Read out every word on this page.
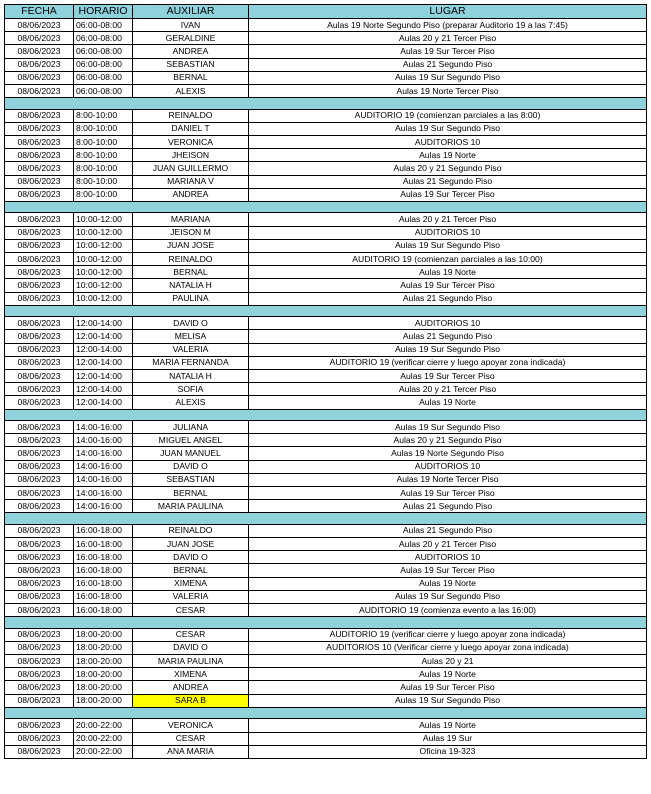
FECHA	HORARIO	AUXILIAR	LUGAR
08/06/2023	06:00-08:00	IVAN	Aulas 19 Norte Segundo Piso (preparar Auditorio 19 a las 7:45)
08/06/2023	06:00-08:00	GERALDINE	Aulas 20 y 21 Tercer Piso
08/06/2023	06:00-08:00	ANDREA	Aulas 19 Sur Tercer Piso
08/06/2023	06:00-08:00	SEBASTIAN	Aulas 21 Segundo Piso
08/06/2023	06:00-08:00	BERNAL	Aulas 19 Sur Segundo Piso
08/06/2023	06:00-08:00	ALEXIS	Aulas 19 Norte Tercer Piso

08/06/2023	8:00-10:00	REINALDO	AUDITORIO 19 (comienzan parciales a las 8:00)
08/06/2023	8:00-10:00	DANIEL T	Aulas 19 Sur Segundo Piso
08/06/2023	8:00-10:00	VERONICA	AUDITORIOS 10
08/06/2023	8:00-10:00	JHEISON	Aulas 19 Norte
08/06/2023	8:00-10:00	JUAN GUILLERMO	Aulas 20 y 21 Segundo Piso
08/06/2023	8:00-10:00	MARIANA V	Aulas 21 Segundo Piso
08/06/2023	8:00-10:00	ANDREA	Aulas 19 Sur Tercer Piso

08/06/2023	10:00-12:00	MARIANA	Aulas 20 y 21 Tercer Piso
08/06/2023	10:00-12:00	JEISON M	AUDITORIOS 10
08/06/2023	10:00-12:00	JUAN JOSE	Aulas 19 Sur Segundo Piso
08/06/2023	10:00-12:00	REINALDO	AUDITORIO 19 (comienzan parciales a las 10:00)
08/06/2023	10:00-12:00	BERNAL	Aulas 19 Norte
08/06/2023	10:00-12:00	NATALIA H	Aulas 19 Sur Tercer Piso
08/06/2023	10:00-12:00	PAULINA	Aulas 21 Segundo Piso

08/06/2023	12:00-14:00	DAVID O	AUDITORIOS 10
08/06/2023	12:00-14:00	MELISA	Aulas 21 Segundo Piso
08/06/2023	12:00-14:00	VALERIA	Aulas 19 Sur Segundo Piso
08/06/2023	12:00-14:00	MARIA FERNANDA	AUDITORIO 19 (verificar cierre y luego apoyar zona indicada)
08/06/2023	12:00-14:00	NATALIA H	Aulas 19 Sur Tercer Piso
08/06/2023	12:00-14:00	SOFIA	Aulas 20 y 21 Tercer Piso
08/06/2023	12:00-14:00	ALEXIS	Aulas 19 Norte

08/06/2023	14:00-16:00	JULIANA	Aulas 19 Sur Segundo Piso
08/06/2023	14:00-16:00	MIGUEL ANGEL	Aulas 20 y 21 Segundo Piso
08/06/2023	14:00-16:00	JUAN MANUEL	Aulas 19 Norte Segundo Piso
08/06/2023	14:00-16:00	DAVID O	AUDITORIOS 10
08/06/2023	14:00-16:00	SEBASTIAN	Aulas 19 Norte Tercer Piso
08/06/2023	14:00-16:00	BERNAL	Aulas 19 Sur Tercer Piso
08/06/2023	14:00-16:00	MARIA PAULINA	Aulas 21 Segundo Piso

08/06/2023	16:00-18:00	REINALDO	Aulas 21 Segundo Piso
08/06/2023	16:00-18:00	JUAN JOSE	Aulas 20 y 21 Tercer Piso
08/06/2023	16:00-18:00	DAVID O	AUDITORIOS 10
08/06/2023	16:00-18:00	BERNAL	Aulas 19 Sur Tercer Piso
08/06/2023	16:00-18:00	XIMENA	Aulas 19 Norte
08/06/2023	16:00-18:00	VALERIA	Aulas 19 Sur Segundo Piso
08/06/2023	16:00-18:00	CESAR	AUDITORIO 19 (comienza evento a las 16:00)

08/06/2023	18:00-20:00	CESAR	AUDITORIO 19 (verificar cierre y luego apoyar zona indicada)
08/06/2023	18:00-20:00	DAVID O	AUDITORIOS 10 (Verificar cierre y luego apoyar zona indicada)
08/06/2023	18:00-20:00	MARIA PAULINA	Aulas 20 y 21
08/06/2023	18:00-20:00	XIMENA	Aulas 19 Norte
08/06/2023	18:00-20:00	ANDREA	Aulas 19 Sur Tercer Piso
08/06/2023	18:00-20:00	SARA B	Aulas 19 Sur Segundo Piso

08/06/2023	20:00-22:00	VERONICA	Aulas 19 Norte
08/06/2023	20:00-22:00	CESAR	Aulas 19 Sur
08/06/2023	20:00-22:00	ANA MARIA	Oficina 19-323
